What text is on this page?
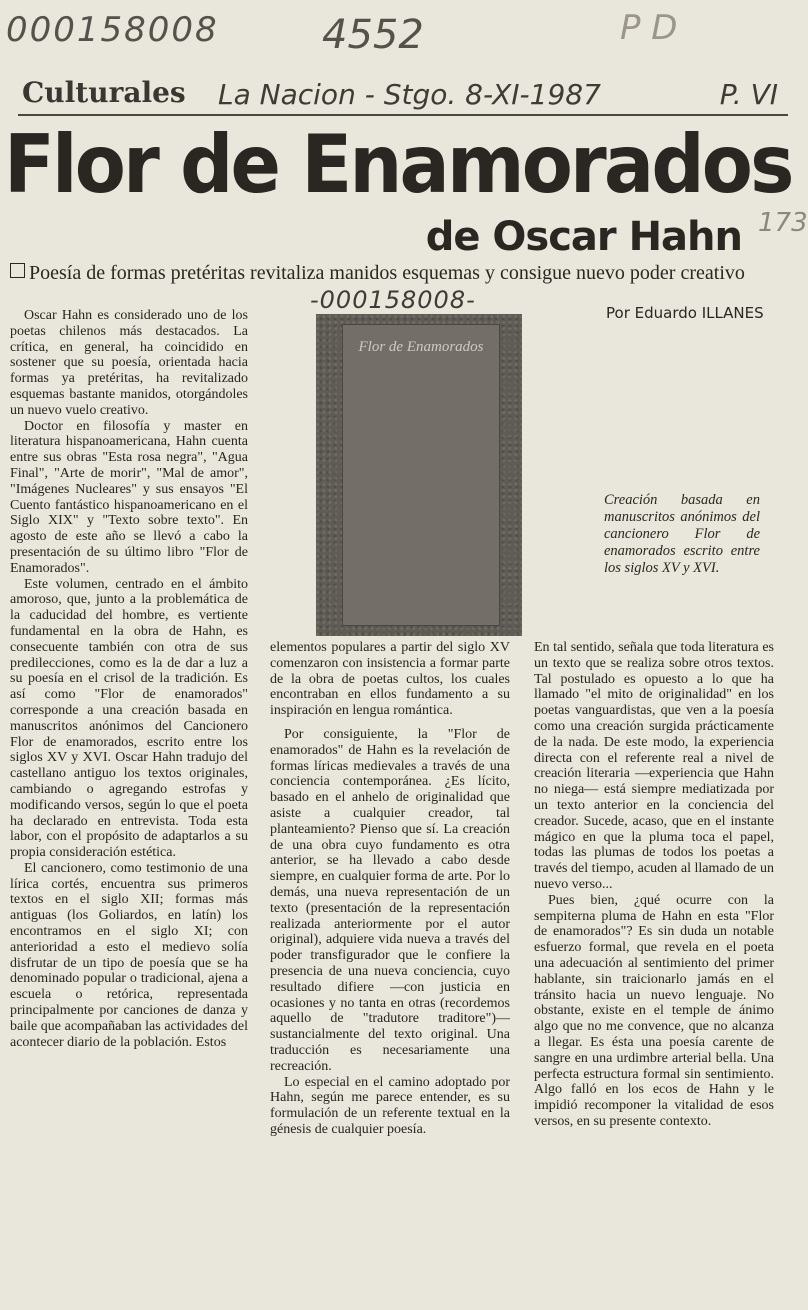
000158008	4552	P D
Culturales La Nacion - Stgo. 8-XI-1987	P. VI
Flor de Enamorados
de Oscar Hahn 173
Poesía de formas pretéritas revitaliza manidos esquemas y consigue nuevo poder creativo
Por Eduardo ILLANES
-000158008-
Flor de Enamorados
Creación basada en manuscritos anónimos del cancionero Flor de enamorados escrito entre los siglos XV y XVI.

Oscar Hahn es considerado uno de los poetas chilenos más destacados. La crítica, en general, ha coincidido en sostener que su poesía, orientada hacia formas ya pretéritas, ha revitalizado esquemas bastante manidos, otorgándoles un nuevo vuelo creativo.

Doctor en filosofía y master en literatura hispanoamericana, Hahn cuenta entre sus obras "Esta rosa negra", "Agua Final", "Arte de morir", "Mal de amor", "Imágenes Nucleares" y sus ensayos "El Cuento fantástico hispanoamericano en el Siglo XIX" y "Texto sobre texto". En agosto de este año se llevó a cabo la presentación de su último libro "Flor de Enamorados".

Este volumen, centrado en el ámbito amoroso, que, junto a la problemática de la caducidad del hombre, es vertiente fundamental en la obra de Hahn, es consecuente también con otra de sus predilecciones, como es la de dar a luz a su poesía en el crisol de la tradición. Es así como "Flor de enamorados" corresponde a una creación basada en manuscritos anónimos del Cancionero Flor de enamorados, escrito entre los siglos XV y XVI. Oscar Hahn tradujo del castellano antiguo los textos originales, cambiando o agregando estrofas y modificando versos, según lo que el poeta ha declarado en entrevista. Toda esta labor, con el propósito de adaptarlos a su propia consideración estética.

El cancionero, como testimonio de una lírica cortés, encuentra sus primeros textos en el siglo XII; formas más antiguas (los Goliardos, en latín) los encontramos en el siglo XI; con anterioridad a esto el medievo solía disfrutar de un tipo de poesía que se ha denominado popular o tradicional, ajena a escuela o retórica, representada principalmente por canciones de danza y baile que acompañaban las actividades del acontecer diario de la población. Estos

elementos populares a partir del siglo XV comenzaron con insistencia a formar parte de la obra de poetas cultos, los cuales encontraban en ellos fundamento a su inspiración en lengua romántica.

Por consiguiente, la "Flor de enamorados" de Hahn es la revelación de formas líricas medievales a través de una conciencia contemporánea. ¿Es lícito, basado en el anhelo de originalidad que asiste a cualquier creador, tal planteamiento? Pienso que sí. La creación de una obra cuyo fundamento es otra anterior, se ha llevado a cabo desde siempre, en cualquier forma de arte. Por lo demás, una nueva representación de un texto (presentación de la representación realizada anteriormente por el autor original), adquiere vida nueva a través del poder transfigurador que le confiere la presencia de una nueva conciencia, cuyo resultado difiere —con justicia en ocasiones y no tanta en otras (recordemos aquello de "tradutore traditore")— sustancialmente del texto original. Una traducción es necesariamente una recreación.

Lo especial en el camino adoptado por Hahn, según me parece entender, es su formulación de un referente textual en la génesis de cualquier poesía.

En tal sentido, señala que toda literatura es un texto que se realiza sobre otros textos. Tal postulado es opuesto a lo que ha llamado "el mito de originalidad" en los poetas vanguardistas, que ven a la poesía como una creación surgida prácticamente de la nada. De este modo, la experiencia directa con el referente real a nivel de creación literaria —experiencia que Hahn no niega— está siempre mediatizada por un texto anterior en la conciencia del creador. Sucede, acaso, que en el instante mágico en que la pluma toca el papel, todas las plumas de todos los poetas a través del tiempo, acuden al llamado de un nuevo verso...

Pues bien, ¿qué ocurre con la sempiterna pluma de Hahn en esta "Flor de enamorados"? Es sin duda un notable esfuerzo formal, que revela en el poeta una adecuación al sentimiento del primer hablante, sin traicionarlo jamás en el tránsito hacia un nuevo lenguaje. No obstante, existe en el temple de ánimo algo que no me convence, que no alcanza a llegar. Es ésta una poesía carente de sangre en una urdimbre arterial bella. Una perfecta estructura formal sin sentimiento. Algo falló en los ecos de Hahn y le impidió recomponer la vitalidad de esos versos, en su presente contexto.
